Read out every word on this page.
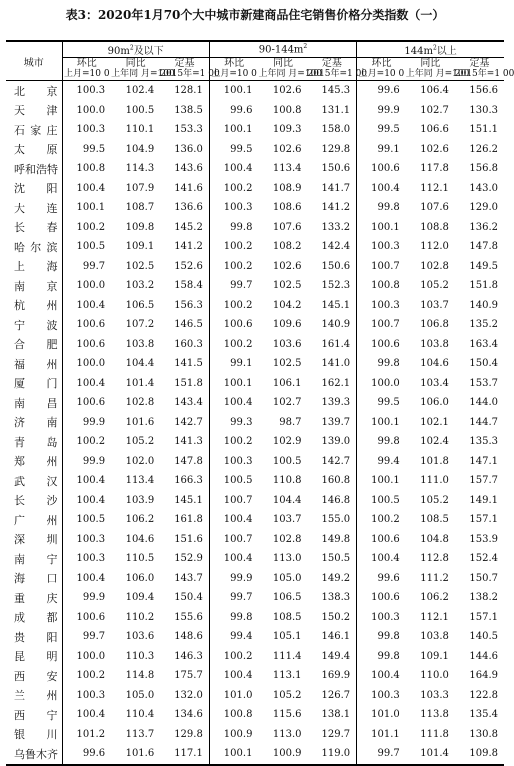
表3：2020年1月70个大中城市新建商品住宅销售价格分类指数（一）
城市	$90m^2$及以下			$90-144m^2$			$144m^2$以上		
	环比	同比	定基	环比	同比	定基	环比	同比	定基
	上月=10 0	上年同 月=100	2015年=1 00	上月=10 0	上年同 月=100	2015年=1 00	上月=10 0	上年同 月=100	2015年=1 00
北京	100.3	102.4	128.1	100.1	102.6	145.3	99.6	106.4	156.6
天津	100.0	100.5	138.5	99.6	100.8	131.1	99.9	102.7	130.3
石家庄	100.3	110.1	153.3	100.1	109.3	158.0	99.5	106.6	151.1
太原	99.5	104.9	136.0	99.5	102.6	129.8	99.1	102.6	126.2
呼和浩特	100.8	114.3	143.6	100.4	113.4	150.6	100.6	117.8	156.8
沈阳	100.4	107.9	141.6	100.2	108.9	141.7	100.4	112.1	143.0
大连	100.1	108.7	136.6	100.3	108.6	141.2	99.8	107.6	129.0
长春	100.2	109.8	145.2	99.8	107.6	133.2	100.1	108.8	136.2
哈尔滨	100.5	109.1	141.2	100.2	108.2	142.4	100.3	112.0	147.8
上海	99.7	102.5	152.6	100.2	102.6	150.6	100.7	102.8	149.5
南京	100.0	103.2	158.4	99.7	102.5	152.3	100.8	105.2	151.8
杭州	100.4	106.5	156.3	100.2	104.2	145.1	100.3	103.7	140.9
宁波	100.6	107.2	146.5	100.6	109.6	140.9	100.7	106.8	135.2
合肥	100.6	103.8	160.3	100.2	103.6	161.4	100.6	103.8	163.4
福州	100.0	104.4	141.5	99.1	102.5	141.0	99.8	104.6	150.4
厦门	100.4	101.4	151.8	100.1	106.1	162.1	100.0	103.4	153.7
南昌	100.6	102.8	143.4	100.4	102.7	139.3	99.5	106.0	144.0
济南	99.9	101.6	142.7	99.3	98.7	139.7	100.1	102.1	144.7
青岛	100.2	105.2	141.3	100.2	102.9	139.0	99.8	102.4	135.3
郑州	99.9	102.0	147.8	100.3	100.5	142.7	99.4	101.8	147.1
武汉	100.4	113.4	166.3	100.5	110.8	160.8	100.1	111.0	157.7
长沙	100.4	103.9	145.1	100.7	104.4	146.8	100.5	105.2	149.1
广州	100.5	106.2	161.8	100.4	103.7	155.0	100.2	108.5	157.1
深圳	100.3	104.6	151.6	100.7	102.8	149.8	100.6	104.8	153.9
南宁	100.3	110.5	152.9	100.4	113.0	150.5	100.4	112.8	152.4
海口	100.4	106.0	143.7	99.9	105.0	149.2	99.6	111.2	150.7
重庆	99.9	109.4	150.4	99.7	106.5	138.3	100.6	106.2	138.2
成都	100.6	110.2	155.6	99.8	108.5	150.2	100.3	112.1	157.1
贵阳	99.7	103.6	148.6	99.4	105.1	146.1	99.8	103.8	140.5
昆明	100.0	110.3	146.3	100.2	111.4	149.4	99.8	109.1	144.6
西安	100.2	114.8	175.7	100.4	113.1	169.9	100.4	110.0	164.9
兰州	100.3	105.0	132.0	101.0	105.2	126.7	100.3	103.3	122.8
西宁	100.4	110.4	134.6	100.8	115.6	138.1	101.0	113.8	135.4
银川	101.2	113.7	129.8	100.9	113.0	129.7	101.1	111.8	130.8
乌鲁木齐	99.6	101.6	117.1	100.1	100.9	119.0	99.7	101.4	109.8
